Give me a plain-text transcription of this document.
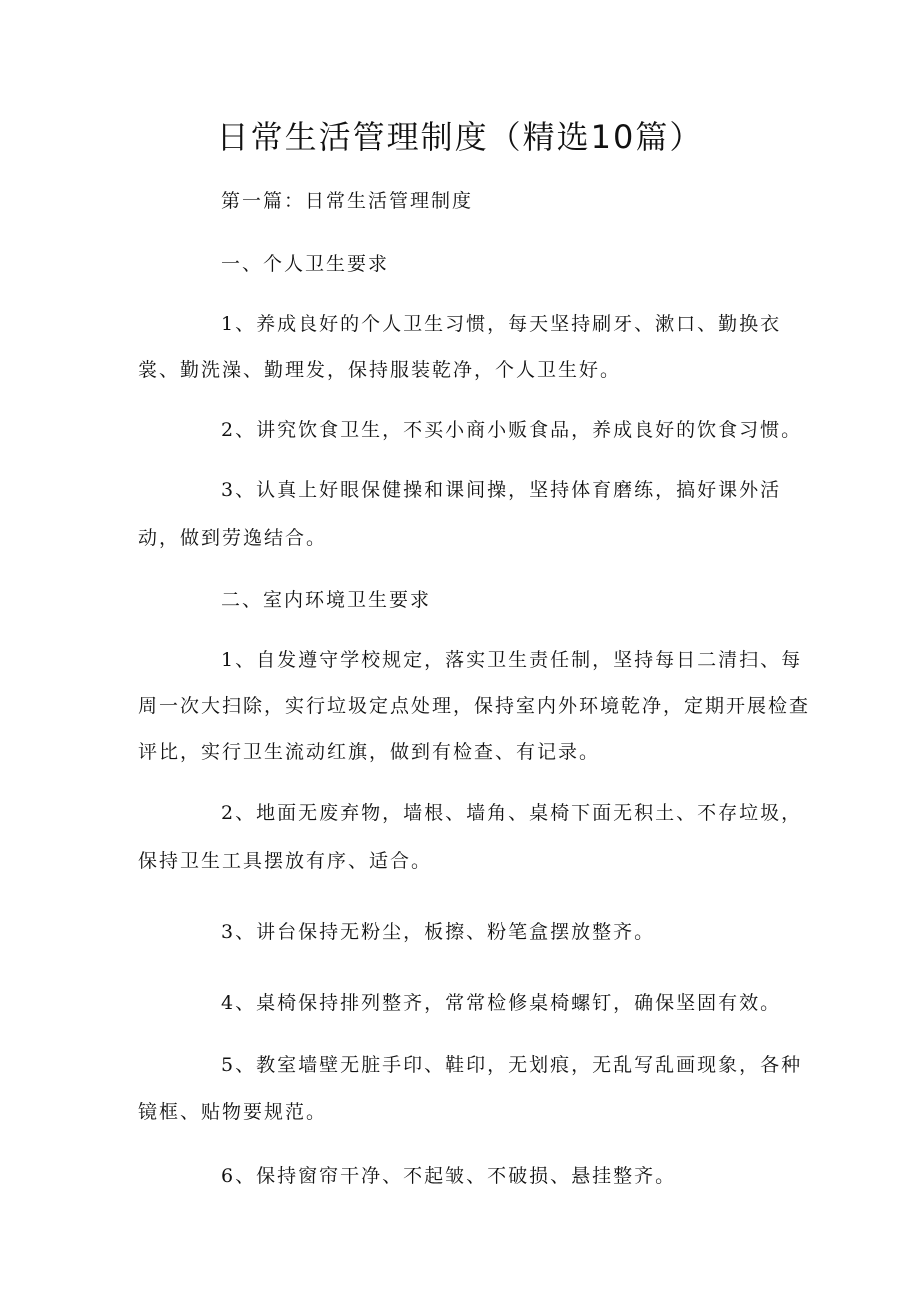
日常生活管理制度（精选10篇）

第一篇：日常生活管理制度

一、个人卫生要求

1、养成良好的个人卫生习惯，每天坚持刷牙、漱口、勤换衣

裳、勤洗澡、勤理发，保持服装乾净，个人卫生好。

2、讲究饮食卫生，不买小商小贩食品，养成良好的饮食习惯。

3、认真上好眼保健操和课间操，坚持体育磨练，搞好课外活

动，做到劳逸结合。

二、室内环境卫生要求

1、自发遵守学校规定，落实卫生责任制，坚持每日二清扫、每

周一次大扫除，实行垃圾定点处理，保持室内外环境乾净，定期开展检查

评比，实行卫生流动红旗，做到有检查、有记录。

2、地面无废弃物，墙根、墙角、桌椅下面无积土、不存垃圾，

保持卫生工具摆放有序、适合。

3、讲台保持无粉尘，板擦、粉笔盒摆放整齐。

4、桌椅保持排列整齐，常常检修桌椅螺钉，确保坚固有效。

5、教室墙壁无脏手印、鞋印，无划痕，无乱写乱画现象，各种

镜框、贴物要规范。

6、保持窗帘干净、不起皱、不破损、悬挂整齐。
